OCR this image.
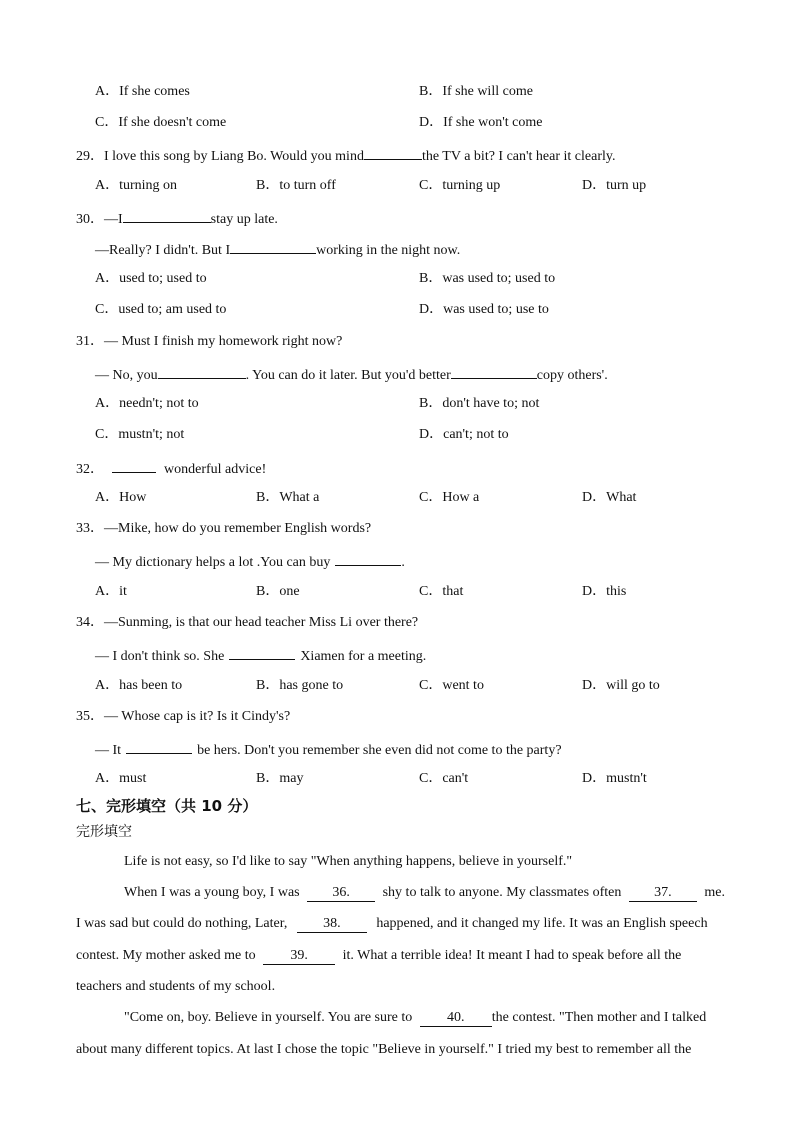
A．If she comes	B．If she will come
C．If she doesn't come	D．If she won't come
29．I love this song by Liang Bo. Would you mind	the TV a bit? I can't hear it clearly.
A．turning on	B．to turn off	C．turning up	D．turn up
30．—I	stay up late.
—Really? I didn't. But I	working in the night now.
A．used to; used to	B．was used to; used to
C．used to; am used to	D．was used to; use to
31．— Must I finish my homework right now?
— No, you	. You can do it later. But you'd better	copy others'.
A．needn't; not to	B．don't have to; not
C．mustn't; not	D．can't; not to
32．	wonderful advice!
A．How	B．What a	C．How a	D．What
33．—Mike, how do you remember English words?
— My dictionary helps a lot .You can buy	.
A．it	B．one	C．that	D．this
34．—Sunming, is that our head teacher Miss Li over there?
— I don't think so. She	Xiamen for a meeting.
A．has been to	B．has gone to	C．went to	D．will go to
35．— Whose cap is it? Is it Cindy's?
— It	be hers. Don't you remember she even did not come to the party?
A．must	B．may	C．can't	D．mustn't
七、完形填空（共 10 分）
完形填空
Life is not easy, so I'd like to say "When anything happens, believe in yourself."
When I was a young boy, I was 36. shy to talk to anyone. My classmates often 37. me.
I was sad but could do nothing, Later,	38.	happened, and it changed my life. It was an English speech
contest. My mother asked me to 39. it. What a terrible idea! It meant I had to speak before all the
teachers and students of my school.
"Come on, boy. Believe in yourself. You are sure to 40. the contest. "Then mother and I talked
about many different topics. At last I chose the topic "Believe in yourself." I tried my best to remember all the
